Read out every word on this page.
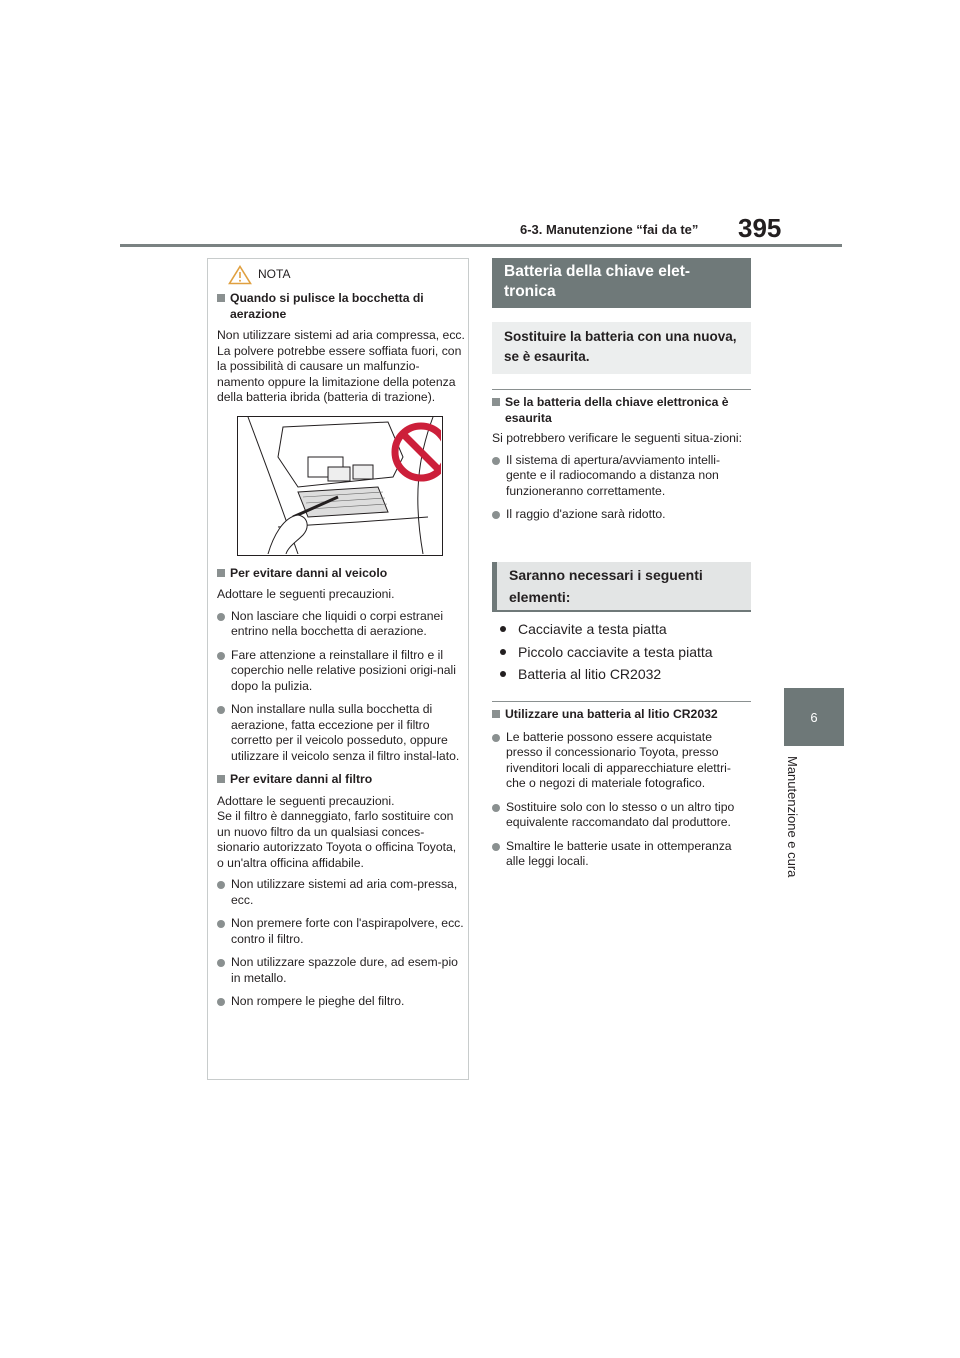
6-3. Manutenzione “fai da te” 395
6
Manutenzione e cura
NOTA
Quando si pulisce la bocchetta di aerazione

Non utilizzare sistemi ad aria compressa, ecc.
La polvere potrebbe essere soffiata fuori, con la possibilità di causare un malfunzio-namento oppure la limitazione della potenza della batteria ibrida (batteria di trazione).

Per evitare danni al veicolo

Adottare le seguenti precauzioni.

Non lasciare che liquidi o corpi estranei entrino nella bocchetta di aerazione.
Fare attenzione a reinstallare il filtro e il coperchio nelle relative posizioni origi-nali dopo la pulizia.
Non installare nulla sulla bocchetta di aerazione, fatta eccezione per il filtro corretto per il veicolo posseduto, oppure utilizzare il veicolo senza il filtro instal-lato.
Per evitare danni al filtro

Adottare le seguenti precauzioni.
Se il filtro è danneggiato, farlo sostituire con un nuovo filtro da un qualsiasi conces-sionario autorizzato Toyota o officina Toyota, o un'altra officina affidabile.

Non utilizzare sistemi ad aria com-pressa, ecc.
Non premere forte con l'aspirapolvere, ecc. contro il filtro.
Non utilizzare spazzole dure, ad esem-pio in metallo.
Non rompere le pieghe del filtro.
Batteria della chiave elet-tronica
Sostituire la batteria con una nuova, se è esaurita.
Se la batteria della chiave elettronica è esaurita

Si potrebbero verificare le seguenti situa-zioni:

Il sistema di apertura/avviamento intelli-gente e il radiocomando a distanza non funzioneranno correttamente.
Il raggio d'azione sarà ridotto.
Saranno necessari i seguenti elementi:
Cacciavite a testa piatta
Piccolo cacciavite a testa piatta
Batteria al litio CR2032
Utilizzare una batteria al litio CR2032
Le batterie possono essere acquistate presso il concessionario Toyota, presso rivenditori locali di apparecchiature elettri-che o negozi di materiale fotografico.
Sostituire solo con lo stesso o un altro tipo equivalente raccomandato dal produttore.
Smaltire le batterie usate in ottemperanza alle leggi locali.
